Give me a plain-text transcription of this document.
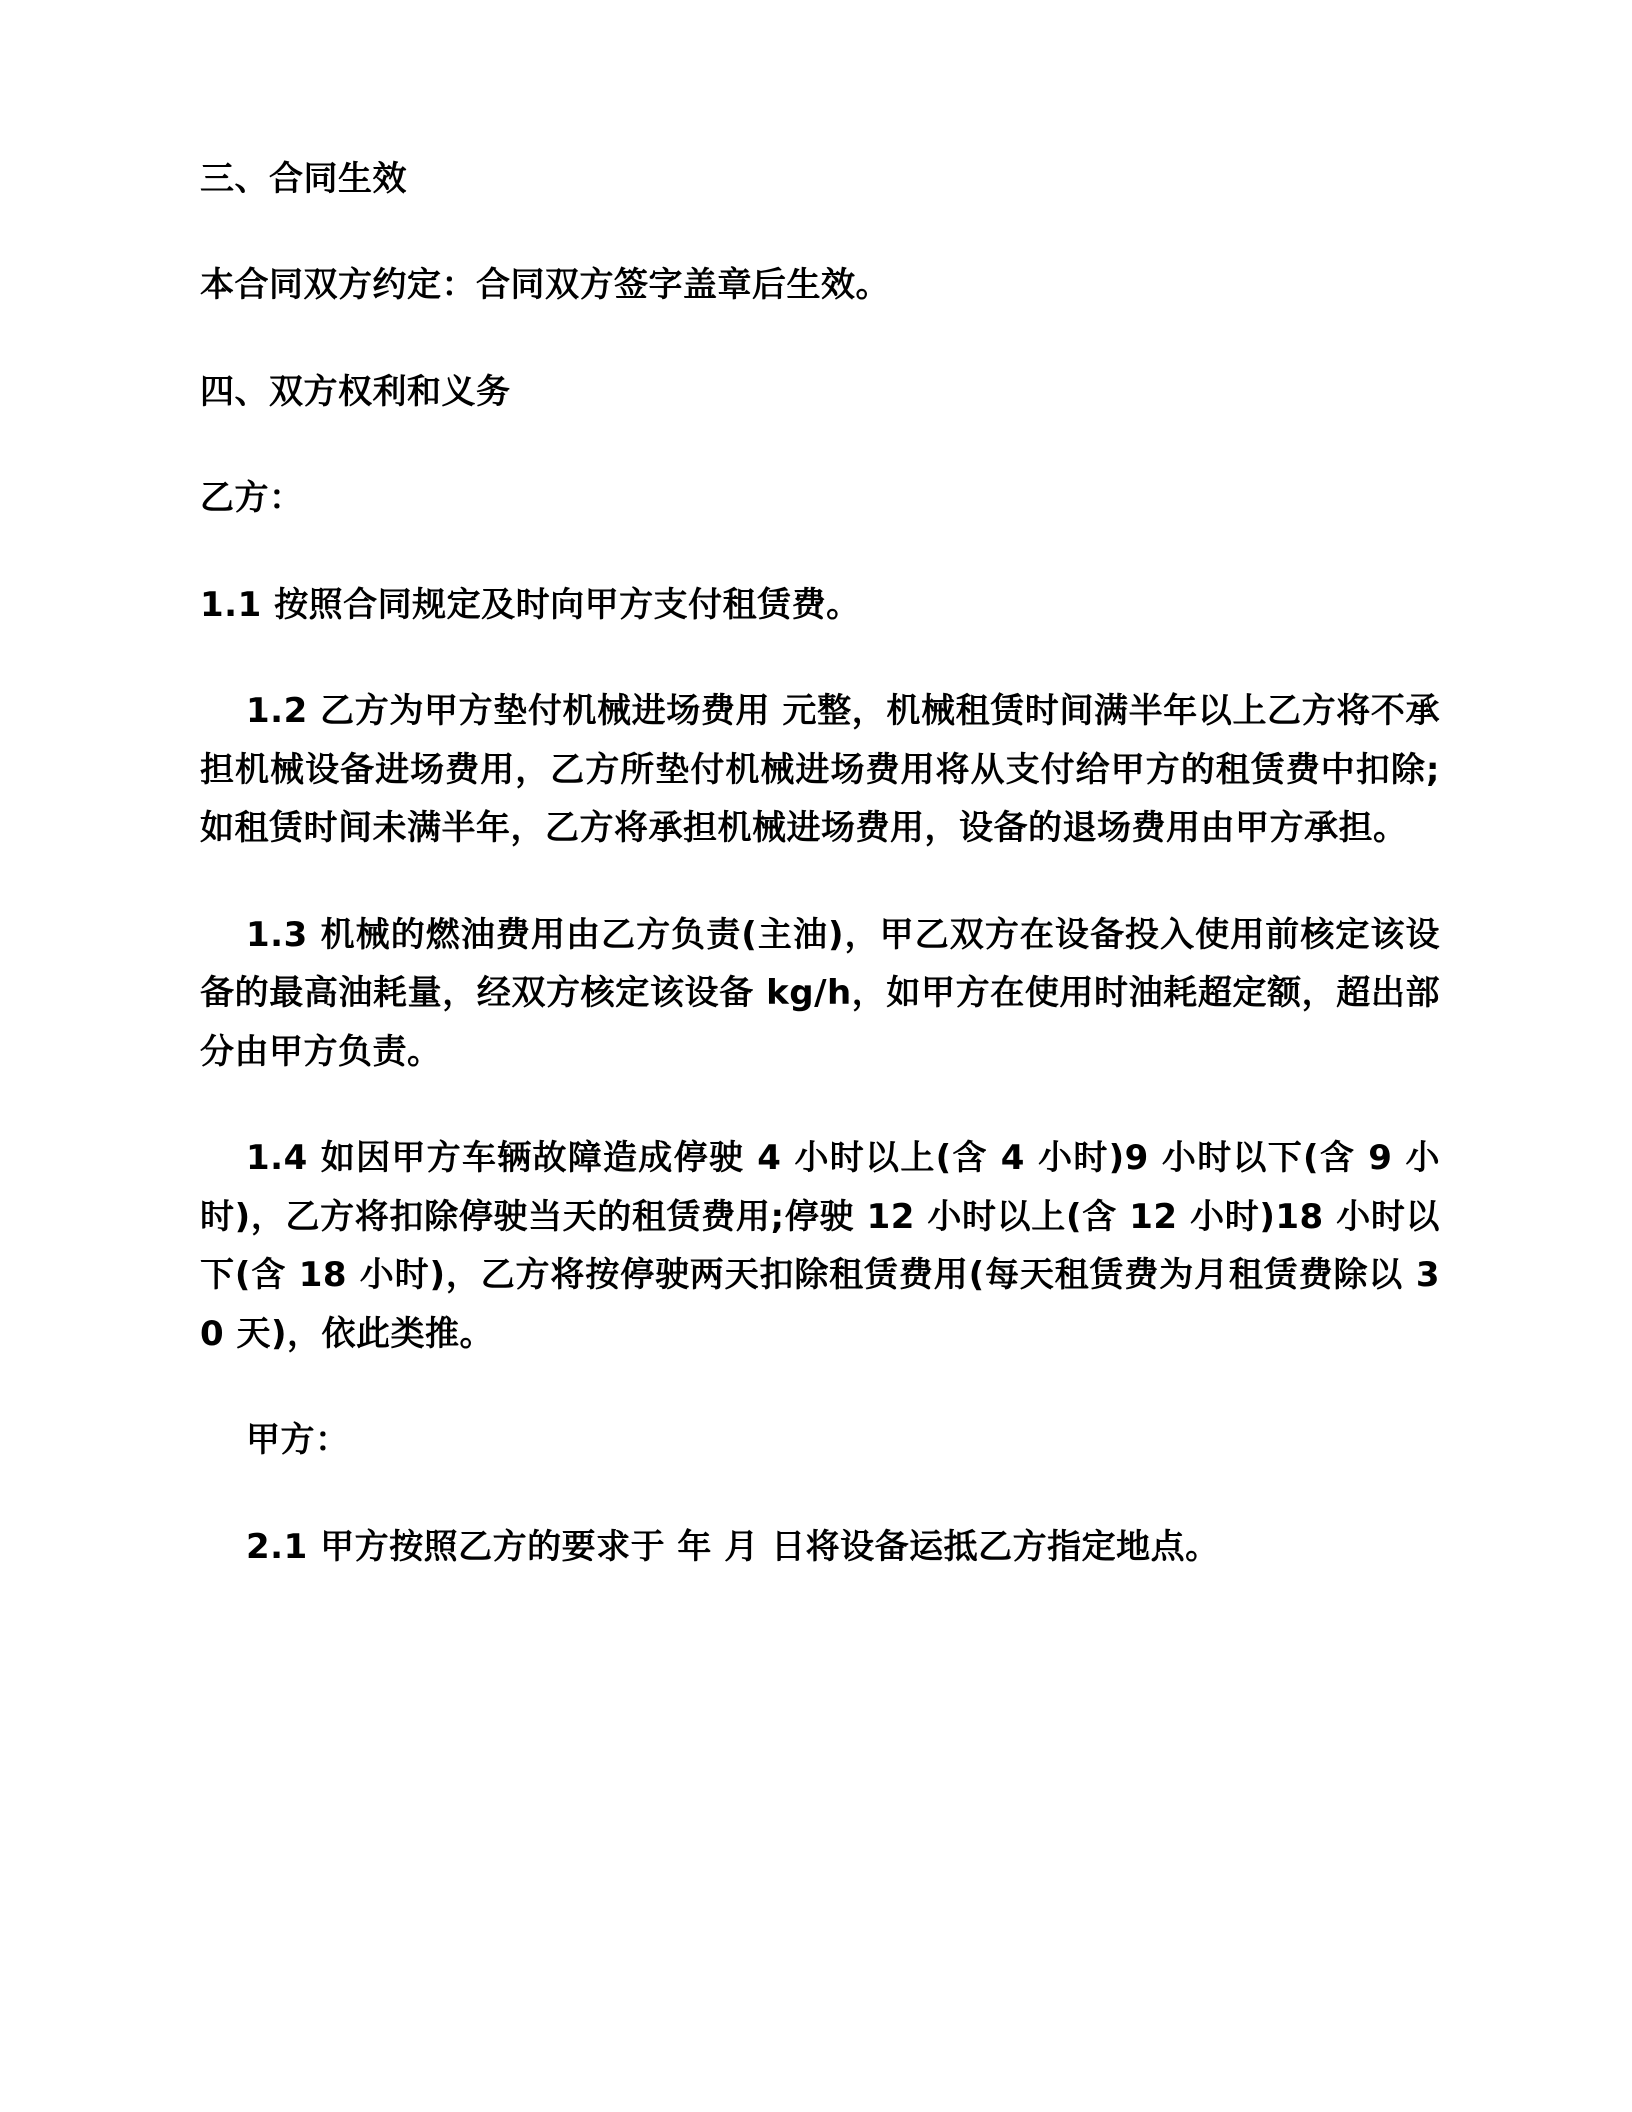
三、合同生效

本合同双方约定：合同双方签字盖章后生效。

四、双方权利和义务

乙方：

1.1 按照合同规定及时向甲方支付租赁费。

1.2 乙方为甲方垫付机械进场费用 元整，机械租赁时间满半年以上乙方将不承担机械设备进场费用，乙方所垫付机械进场费用将从支付给甲方的租赁费中扣除;如租赁时间未满半年，乙方将承担机械进场费用，设备的退场费用由甲方承担。

1.3 机械的燃油费用由乙方负责(主油)，甲乙双方在设备投入使用前核定该设备的最高油耗量，经双方核定该设备 kg/h，如甲方在使用时油耗超定额，超出部分由甲方负责。

1.4 如因甲方车辆故障造成停驶 4 小时以上(含 4 小时)9 小时以下(含 9 小时)，乙方将扣除停驶当天的租赁费用;停驶 12 小时以上(含 12 小时)18 小时以下(含 18 小时)，乙方将按停驶两天扣除租赁费用(每天租赁费为月租赁费除以 30 天)，依此类推。

甲方：

2.1 甲方按照乙方的要求于 年 月 日将设备运抵乙方指定地点。
